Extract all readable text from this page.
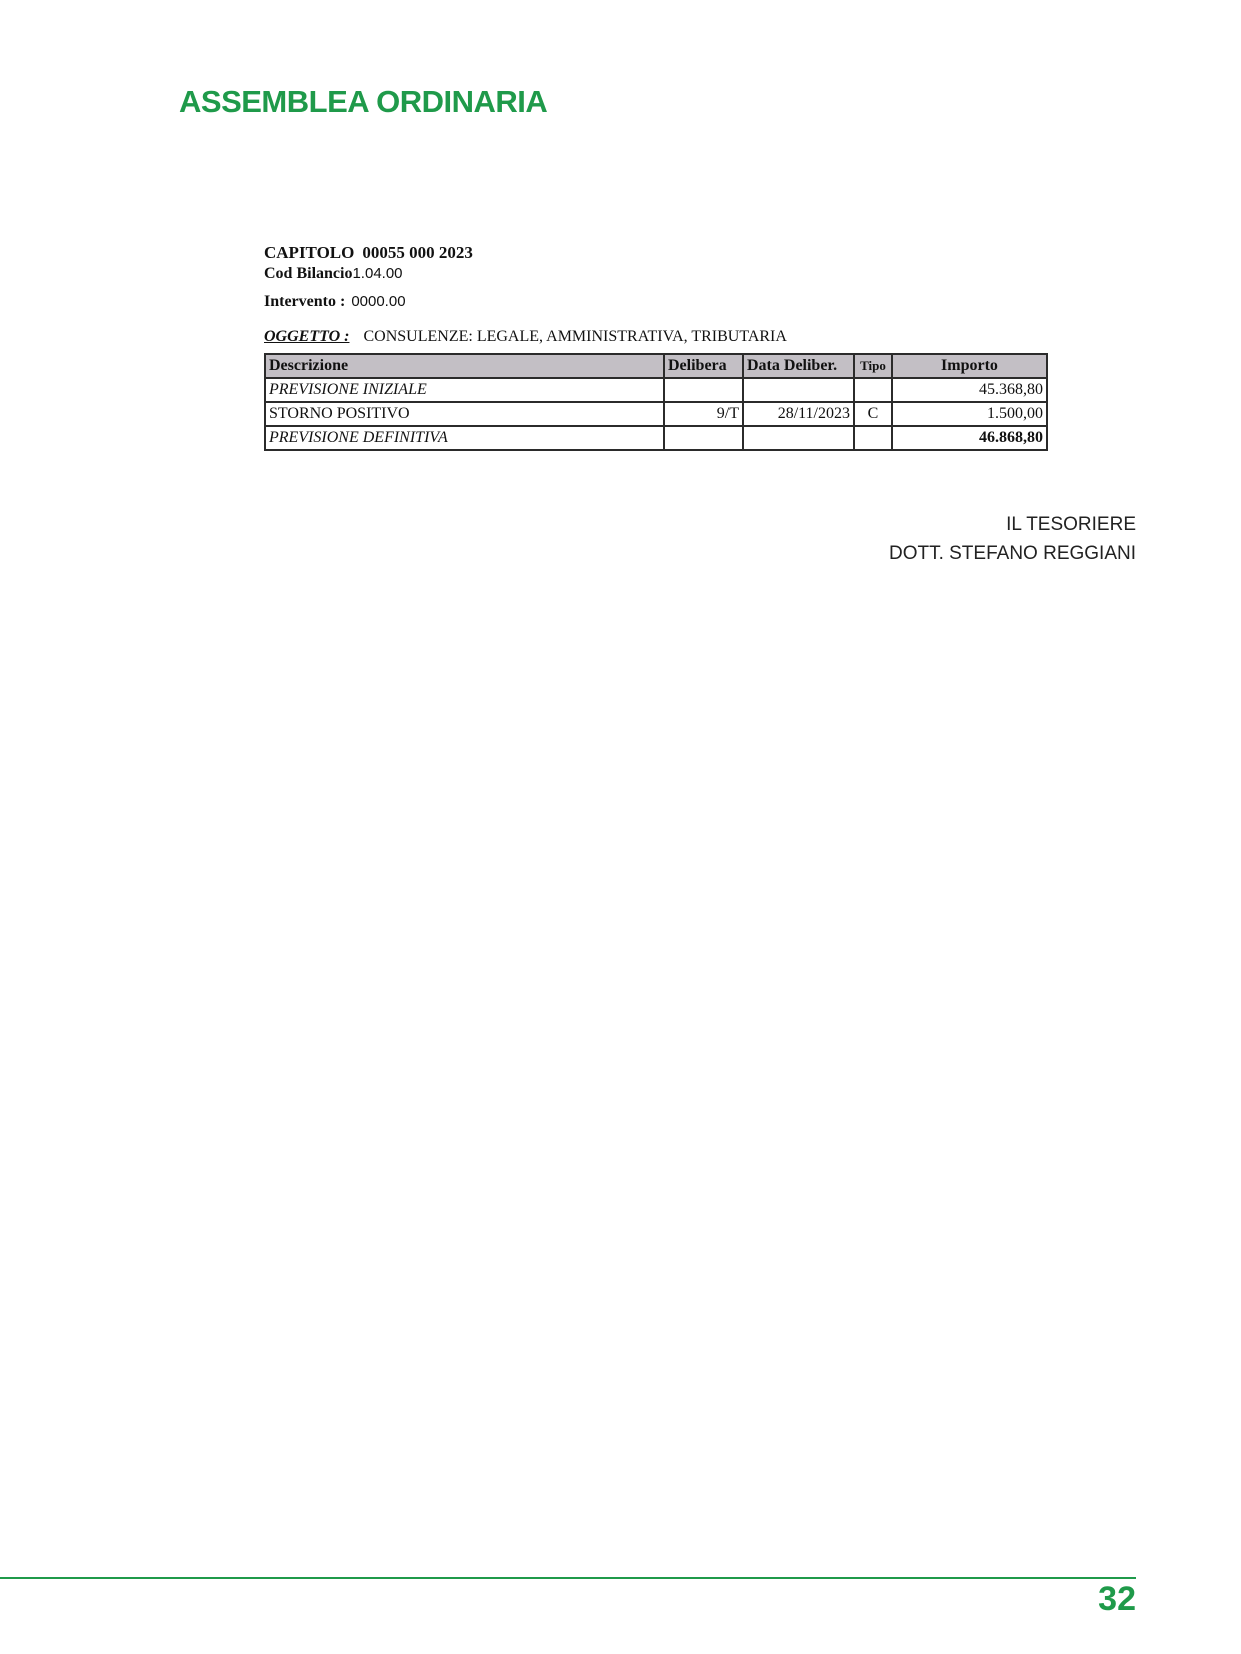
ASSEMBLEA ORDINARIA
CAPITOLO 00055 000 2023
Cod Bilancio1.04.00
Intervento : 0000.00
OGGETTO : CONSULENZE: LEGALE, AMMINISTRATIVA, TRIBUTARIA
Descrizione	Delibera	Data Deliber.	Tipo	Importo
PREVISIONE INIZIALE				45.368,80
STORNO POSITIVO	9/T	28/11/2023	C	1.500,00
PREVISIONE DEFINITIVA				46.868,80
IL TESORIERE
DOTT. STEFANO REGGIANI
32
